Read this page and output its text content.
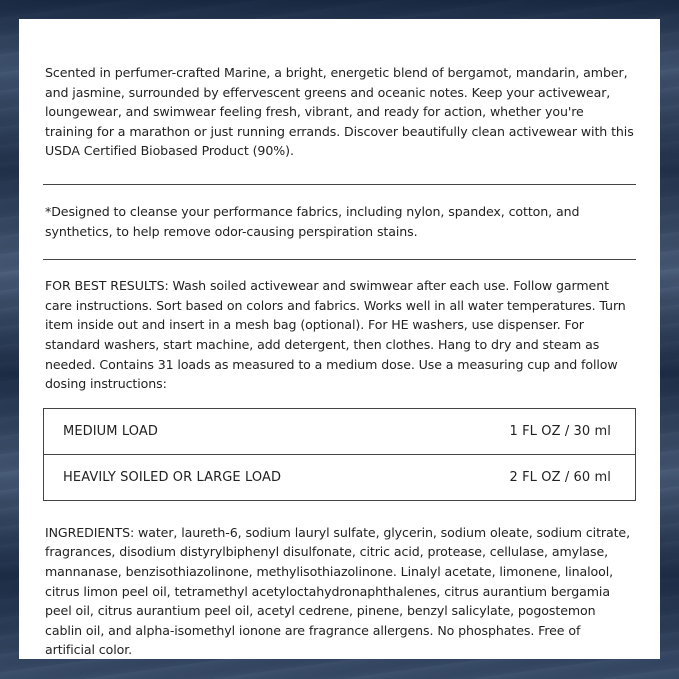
Scented in perfumer-crafted Marine, a bright, energetic blend of bergamot, mandarin, amber, and jasmine, surrounded by effervescent greens and oceanic notes. Keep your activewear, loungewear, and swimwear feeling fresh, vibrant, and ready for action, whether you're training for a marathon or just running errands. Discover beautifully clean activewear with this USDA Certified Biobased Product (90%).

*Designed to cleanse your performance fabrics, including nylon, spandex, cotton, and synthetics, to help remove odor-causing perspiration stains.

FOR BEST RESULTS: Wash soiled activewear and swimwear after each use. Follow garment care instructions. Sort based on colors and fabrics. Works well in all water temperatures. Turn item inside out and insert in a mesh bag (optional). For HE washers, use dispenser. For standard washers, start machine, add detergent, then clothes. Hang to dry and steam as needed. Contains 31 loads as measured to a medium dose. Use a measuring cup and follow dosing instructions:

MEDIUM LOAD	1 FL OZ / 30 ml
HEAVILY SOILED OR LARGE LOAD	2 FL OZ / 60 ml

INGREDIENTS: water, laureth-6, sodium lauryl sulfate, glycerin, sodium oleate, sodium citrate, fragrances, disodium distyrylbiphenyl disulfonate, citric acid, protease, cellulase, amylase, mannanase, benzisothiazolinone, methylisothiazolinone. Linalyl acetate, limonene, linalool, citrus limon peel oil, tetramethyl acetyloctahydronaphthalenes, citrus aurantium bergamia peel oil, citrus aurantium peel oil, acetyl cedrene, pinene, benzyl salicylate, pogostemon cablin oil, and alpha-isomethyl ionone are fragrance allergens. No phosphates. Free of artificial color.
